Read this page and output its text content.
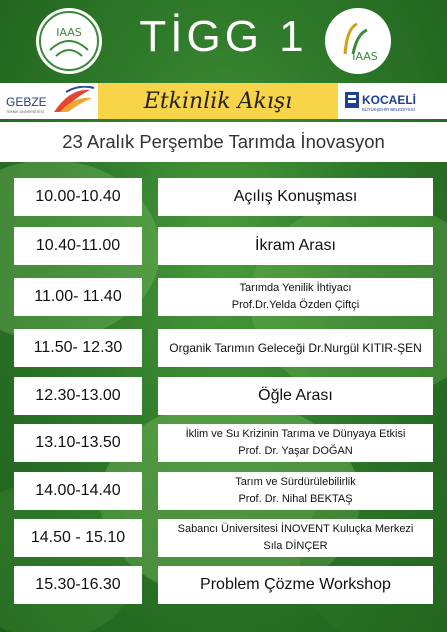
IAAS	TİGG 1	IAAS
GEBZE
TEKNİK ÜNİVERSİTESİ	Etkinlik Akışı	KOCAELİ
BÜYÜKŞEHİR BELEDİYESİ
23 Aralık Perşembe Tarımda İnovasyon
10.00-10.40	Açılış Konuşması
10.40-11.00	İkram Arası
11.00- 11.40	Tarımda Yenilik İhtiyacı
Prof.Dr.Yelda Özden Çiftçi
11.50- 12.30	Organik Tarımın Geleceği Dr.Nurgül KITIR-ŞEN
12.30-13.00	Öğle Arası
13.10-13.50	İklim ve Su Krizinin Tarıma ve Dünyaya Etkisi
Prof. Dr. Yaşar DOĞAN
14.00-14.40	Tarım ve Sürdürülebilirlik
Prof. Dr. Nihal BEKTAŞ
14.50 - 15.10	Sabancı Üniversitesi İNOVENT Kuluçka Merkezi
Sıla DİNÇER
15.30-16.30	Problem Çözme Workshop
